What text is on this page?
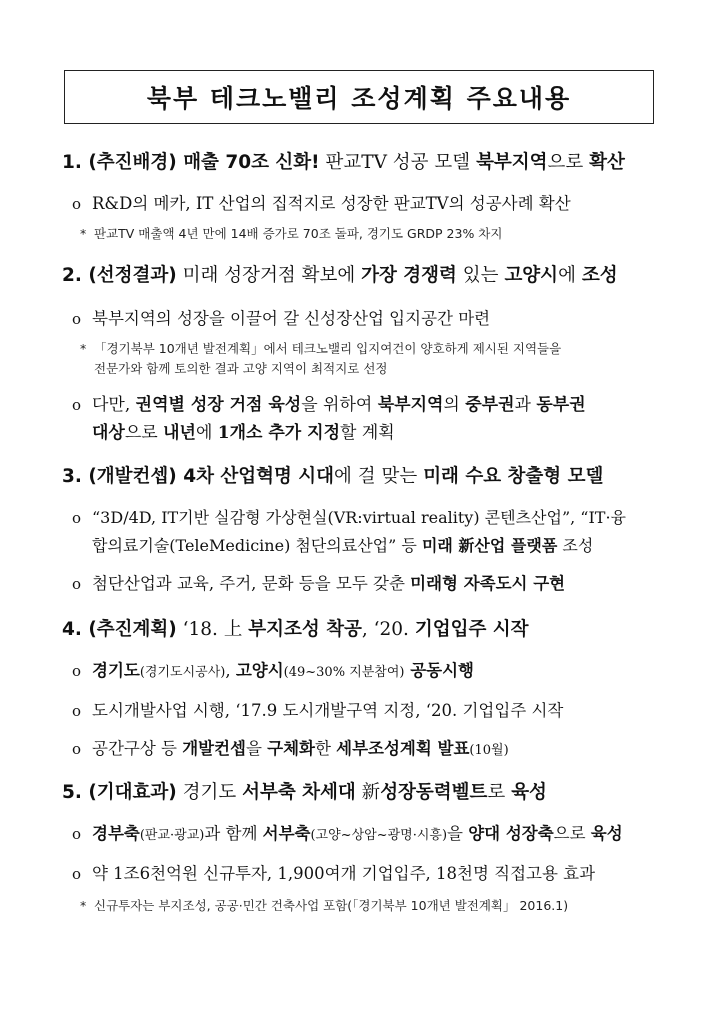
북부 테크노밸리 조성계획 주요내용

1. (추진배경) 매출 70조 신화! 판교TV 성공 모델 북부지역으로 확산

o R&D의 메카, IT 산업의 집적지로 성장한 판교TV의 성공사례 확산

* 판교TV 매출액 4년 만에 14배 증가로 70조 돌파, 경기도 GRDP 23% 차지

2. (선정결과) 미래 성장거점 확보에 가장 경쟁력 있는 고양시에 조성

o 북부지역의 성장을 이끌어 갈 신성장산업 입지공간 마련

* 「경기북부 10개년 발전계획」에서 테크노밸리 입지여건이 양호하게 제시된 지역들을
전문가와 함께 토의한 결과 고양 지역이 최적지로 선정

o 다만, 권역별 성장 거점 육성을 위하여 북부지역의 중부권과 동부권
대상으로 내년에 1개소 추가 지정할 계획

3. (개발컨셉) 4차 산업혁명 시대에 걸 맞는 미래 수요 창출형 모델

o “3D/4D, IT기반 실감형 가상현실(VR:virtual reality) 콘텐츠산업”, “IT·융
합의료기술(TeleMedicine) 첨단의료산업” 등 미래 新산업 플랫폼 조성

o 첨단산업과 교육, 주거, 문화 등을 모두 갖춘 미래형 자족도시 구현

4. (추진계획) ‘18. 上 부지조성 착공, ‘20. 기업입주 시작

o 경기도(경기도시공사), 고양시(49~30% 지분참여) 공동시행

o 도시개발사업 시행, ‘17.9 도시개발구역 지정, ‘20. 기업입주 시작

o 공간구상 등 개발컨셉을 구체화한 세부조성계획 발표(10월)

5. (기대효과) 경기도 서부축 차세대 新성장동력벨트로 육성

o 경부축(판교·광교)과 함께 서부축(고양~상암~광명·시흥)을 양대 성장축으로 육성

o 약 1조6천억원 신규투자, 1,900여개 기업입주, 18천명 직접고용 효과

* 신규투자는 부지조성, 공공·민간 건축사업 포함(「경기북부 10개년 발전계획」 2016.1)
